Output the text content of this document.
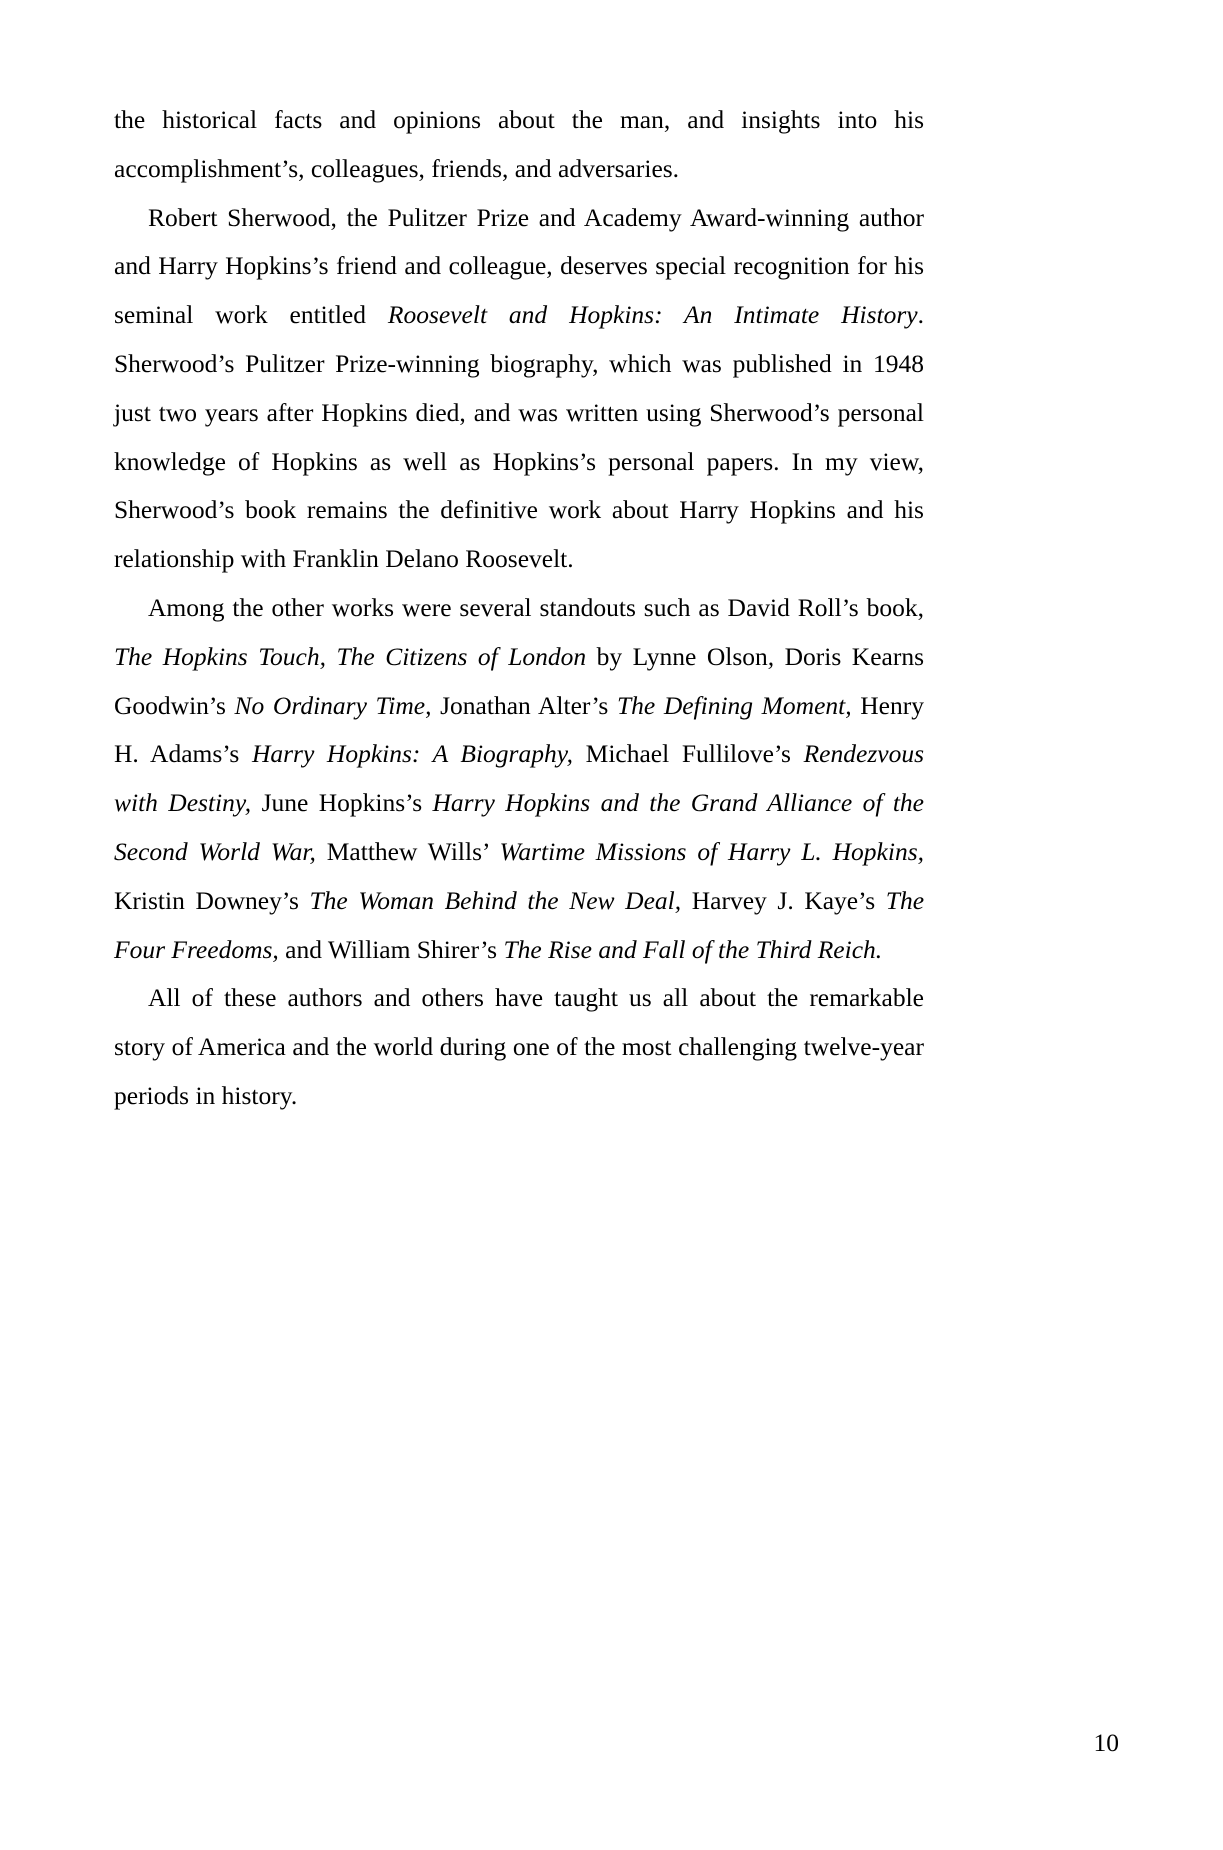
the historical facts and opinions about the man, and insights into his accomplishment’s, colleagues, friends, and adversaries.

Robert Sherwood, the Pulitzer Prize and Academy Award-winning author and Harry Hopkins’s friend and colleague, deserves special recognition for his seminal work entitled Roosevelt and Hopkins: An Intimate History. Sherwood’s Pulitzer Prize-winning biography, which was published in 1948 just two years after Hopkins died, and was written using Sherwood’s personal knowledge of Hopkins as well as Hopkins’s personal papers. In my view, Sherwood’s book remains the definitive work about Harry Hopkins and his relationship with Franklin Delano Roosevelt.

Among the other works were several standouts such as David Roll’s book, The Hopkins Touch, The Citizens of London by Lynne Olson, Doris Kearns Goodwin’s No Ordinary Time, Jonathan Alter’s The Defining Moment, Henry H. Adams’s Harry Hopkins: A Biography, Michael Fullilove’s Rendezvous with Destiny, June Hopkins’s Harry Hopkins and the Grand Alliance of the Second World War, Matthew Wills’ Wartime Missions of Harry L. Hopkins, Kristin Downey’s The Woman Behind the New Deal, Harvey J. Kaye’s The Four Freedoms, and William Shirer’s The Rise and Fall of the Third Reich.

All of these authors and others have taught us all about the remarkable story of America and the world during one of the most challenging twelve-year periods in history.

10
